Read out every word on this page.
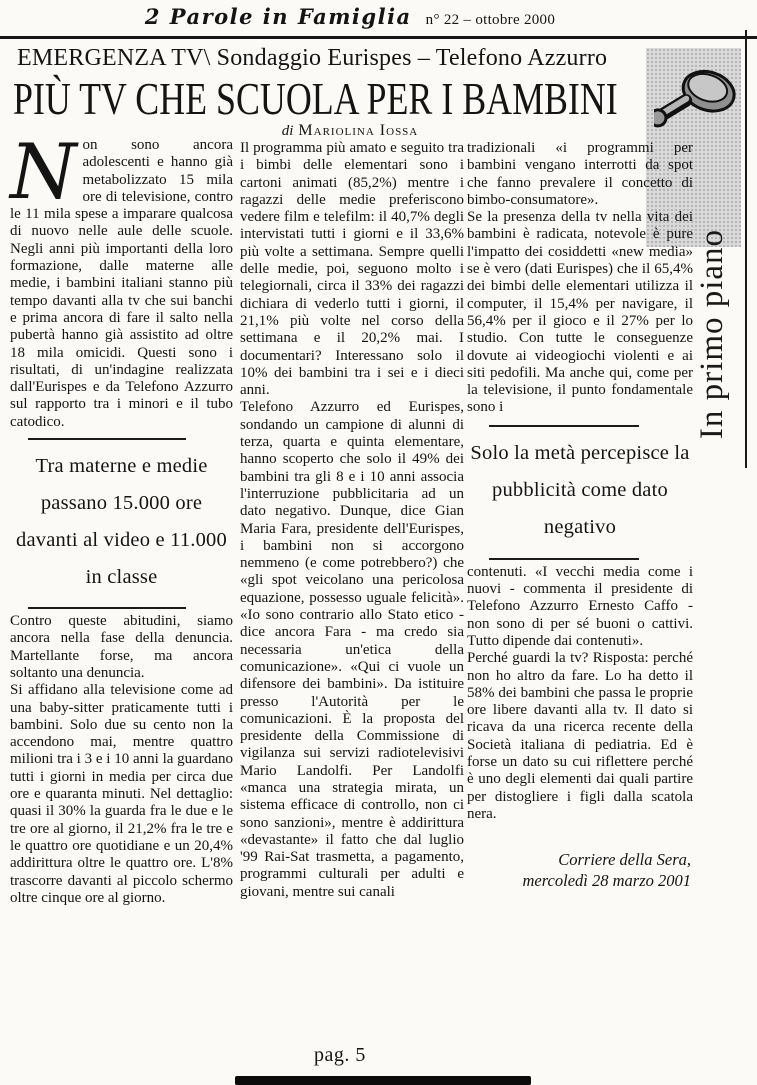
2 Parole in Famiglia n° 22 – ottobre 2000
EMERGENZA TV\ Sondaggio Eurispes – Telefono Azzurro
PIÙ TV CHE SCUOLA PER I BAMBINI
di Mariolina Iossa
In primo piano

Non sono ancora adolescenti e hanno già metabolizzato 15 mila ore di televisione, contro le 11 mila spese a imparare qualcosa di nuovo nelle aule delle scuole. Negli anni più importanti della loro formazione, dalle materne alle medie, i bambini italiani stanno più tempo davanti alla tv che sui banchi e prima ancora di fare il salto nella pubertà hanno già assistito ad oltre 18 mila omicidi. Questi sono i risultati, di un'indagine realizzata dall'Eurispes e da Telefono Azzurro sul rapporto tra i minori e il tubo catodico.

Tra materne e medie passano 15.000 ore davanti al video e 11.000 in classe

Contro queste abitudini, siamo ancora nella fase della denuncia. Martellante forse, ma ancora soltanto una denuncia.

Si affidano alla televisione come ad una baby-sitter praticamente tutti i bambini. Solo due su cento non la accendono mai, mentre quattro milioni tra i 3 e i 10 anni la guardano tutti i giorni in media per circa due ore e quaranta minuti. Nel dettaglio: quasi il 30% la guarda fra le due e le tre ore al giorno, il 21,2% fra le tre e le quattro ore quotidiane e un 20,4% addirittura oltre le quattro ore. L'8% trascorre davanti al piccolo schermo oltre cinque ore al giorno.

Il programma più amato e seguito tra i bimbi delle elementari sono i cartoni animati (85,2%) mentre i ragazzi delle medie preferiscono vedere film e telefilm: il 40,7% degli intervistati tutti i giorni e il 33,6% più volte a settimana. Sempre quelli delle medie, poi, seguono molto i telegiornali, circa il 33% dei ragazzi dichiara di vederlo tutti i giorni, il 21,1% più volte nel corso della settimana e il 20,2% mai. I documentari? Interessano solo il 10% dei bambini tra i sei e i dieci anni.

Telefono Azzurro ed Eurispes, sondando un campione di alunni di terza, quarta e quinta elementare, hanno scoperto che solo il 49% dei bambini tra gli 8 e i 10 anni associa l'interruzione pubblicitaria ad un dato negativo. Dunque, dice Gian Maria Fara, presidente dell'Eurispes, i bambini non si accorgono nemmeno (e come potrebbero?) che «gli spot veicolano una pericolosa equazione, possesso uguale felicità». «Io sono contrario allo Stato etico - dice ancora Fara - ma credo sia necessaria un'etica della comunicazione». «Qui ci vuole un difensore dei bambini». Da istituire presso l'Autorità per le comunicazioni. È la proposta del presidente della Commissione di vigilanza sui servizi radiotelevisivi Mario Landolfi. Per Landolfi «manca una strategia mirata, un sistema efficace di controllo, non ci sono sanzioni», mentre è addirittura «devastante» il fatto che dal luglio '99 Rai-Sat trasmetta, a pagamento, programmi culturali per adulti e giovani, mentre sui canali

tradizionali «i programmi per bambini vengano interrotti da spot che fanno prevalere il concetto di bimbo-consumatore».

Se la presenza della tv nella vita dei bambini è radicata, notevole è pure l'impatto dei cosiddetti «new media» se è vero (dati Eurispes) che il 65,4% dei bimbi delle elementari utilizza il computer, il 15,4% per navigare, il 56,4% per il gioco e il 27% per lo studio. Con tutte le conseguenze dovute ai videogiochi violenti e ai siti pedofili. Ma anche qui, come per la televisione, il punto fondamentale sono i

Solo la metà percepisce la pubblicità come dato negativo

contenuti. «I vecchi media come i nuovi - commenta il presidente di Telefono Azzurro Ernesto Caffo - non sono di per sé buoni o cattivi. Tutto dipende dai contenuti».

Perché guardi la tv? Risposta: perché non ho altro da fare. Lo ha detto il 58% dei bambini che passa le proprie ore libere davanti alla tv. Il dato si ricava da una ricerca recente della Società italiana di pediatria. Ed è forse un dato su cui riflettere perché è uno degli elementi dai quali partire per distogliere i figli dalla scatola nera.

Corriere della Sera,
mercoledì 28 marzo 2001
pag. 5
